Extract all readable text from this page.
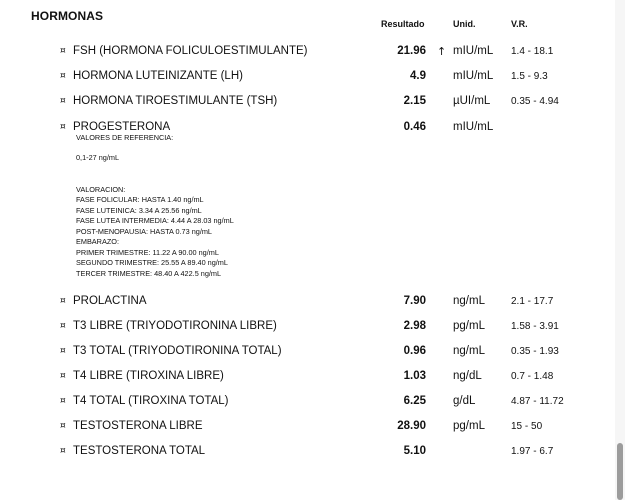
HORMONAS
Resultado	Unid.	V.R.
¤ FSH (HORMONA FOLICULOESTIMULANTE)	21.96 ↑ mIU/mL 1.4 - 18.1
¤ HORMONA LUTEINIZANTE (LH)	4.9 mIU/mL 1.5 - 9.3
¤ HORMONA TIROESTIMULANTE (TSH)	2.15 µUI/mL 0.35 - 4.94
¤ PROGESTERONA	0.46 mIU/mL
VALORES DE REFERENCIA:
0,1-27 ng/mL
VALORACION:
FASE FOLICULAR: HASTA 1.40 ng/mL
FASE LUTEINICA: 3.34 A 25.56 ng/mL
FASE LUTEA INTERMEDIA: 4.44 A 28.03 ng/mL
POST-MENOPAUSIA: HASTA 0.73 ng/mL
EMBARAZO:
PRIMER TRIMESTRE: 11.22 A 90.00 ng/mL
SEGUNDO TRIMESTRE: 25.55 A 89.40 ng/mL
TERCER TRIMESTRE: 48.40 A 422.5 ng/mL
¤ PROLACTINA	7.90 ng/mL	2.1 - 17.7
¤ T3 LIBRE (TRIYODOTIRONINA LIBRE)	2.98 pg/mL	1.58 - 3.91
¤ T3 TOTAL (TRIYODOTIRONINA TOTAL)	0.96 ng/mL	0.35 - 1.93
¤ T4 LIBRE (TIROXINA LIBRE)	1.03 ng/dL	0.7 - 1.48
¤ T4 TOTAL (TIROXINA TOTAL)	6.25 g/dL	4.87 - 11.72
¤ TESTOSTERONA LIBRE	28.90 pg/mL	15 - 50
¤ TESTOSTERONA TOTAL	5.10	1.97 - 6.7
